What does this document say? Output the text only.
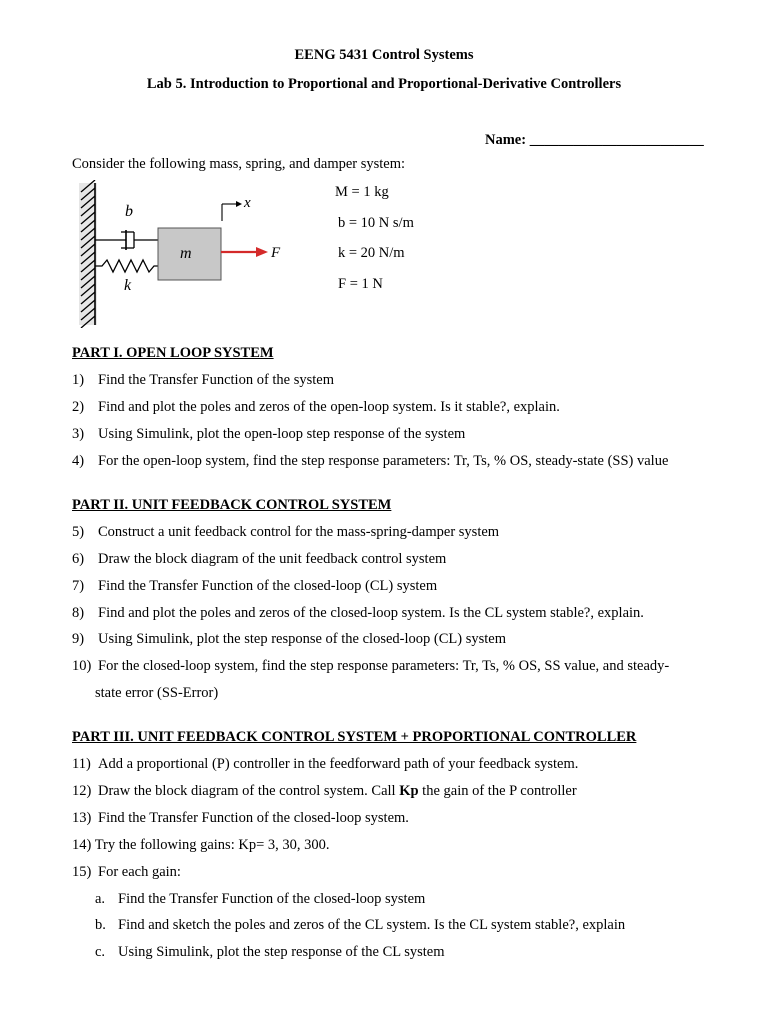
EENG 5431 Control Systems
Lab 5. Introduction to Proportional and Proportional-Derivative Controllers
Name: ________________________
Consider the following mass, spring, and damper system:
x
b
k
m	F
M = 1 kg
b = 10 N s/m
k = 20 N/m
F = 1 N
PART I. OPEN LOOP SYSTEM
1) Find the Transfer Function of the system
2) Find and plot the poles and zeros of the open-loop system. Is it stable?, explain.
3) Using Simulink, plot the open-loop step response of the system
4) For the open-loop system, find the step response parameters: Tr, Ts, % OS, steady-state (SS) value
PART II. UNIT FEEDBACK CONTROL SYSTEM
5) Construct a unit feedback control for the mass-spring-damper system
6) Draw the block diagram of the unit feedback control system
7) Find the Transfer Function of the closed-loop (CL) system
8) Find and plot the poles and zeros of the closed-loop system. Is the CL system stable?, explain.
9) Using Simulink, plot the step response of the closed-loop (CL) system
10) For the closed-loop system, find the step response parameters: Tr, Ts, % OS, SS value, and steady-
state error (SS-Error)
PART III. UNIT FEEDBACK CONTROL SYSTEM + PROPORTIONAL CONTROLLER
11) Add a proportional (P) controller in the feedforward path of your feedback system.
12) Draw the block diagram of the control system. Call Kp the gain of the P controller
13) Find the Transfer Function of the closed-loop system.
14) Try the following gains: Kp= 3, 30, 300.
15) For each gain:
a. Find the Transfer Function of the closed-loop system
b. Find and sketch the poles and zeros of the CL system. Is the CL system stable?, explain
c. Using Simulink, plot the step response of the CL system
